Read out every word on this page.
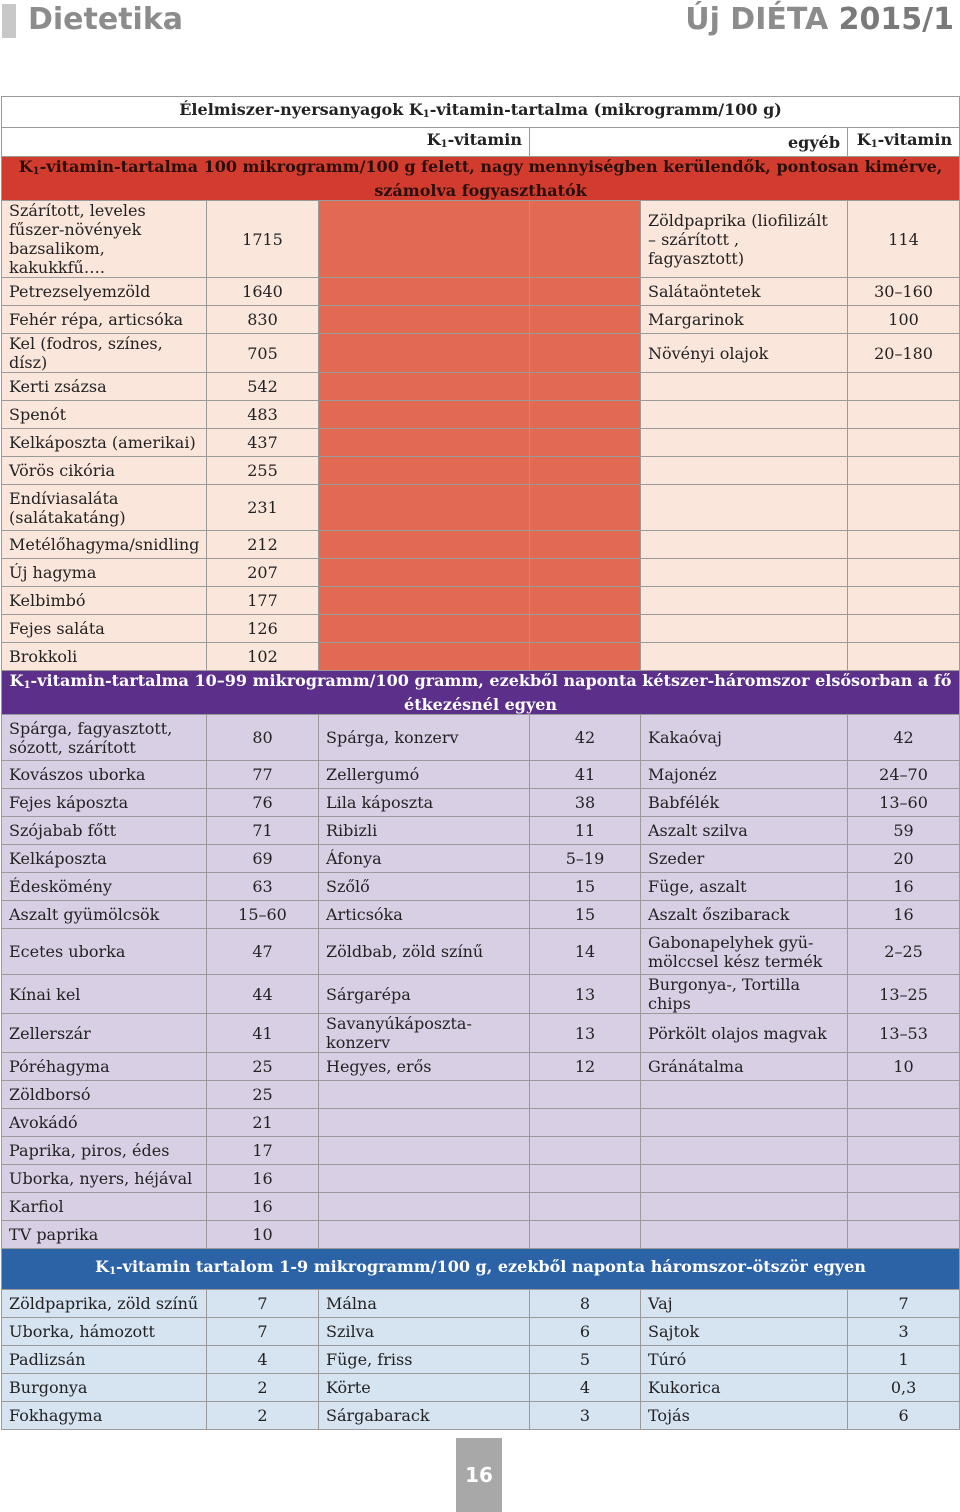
Dietetika	Új DIÉTA 2015/1
Élelmiszer-nyersanyagok $K_1-vitamin$-tartalma (mikrogramm/100 g)					
$K_1$-vitamin			egyéb		$K_1$-vitamin
$K_1-vitamin$-tartalma 100 mikrogramm/100 g felett, nagy mennyiségben kerülendők, pontosan kimérve, számolva fogyaszthatók					
Szárított, leveles fűszer-növények bazsalikom, kakukkfű….	1715			Zöldpaprika (liofilizált – szárított , fagyasztott)	114
Petrezselyemzöld	1640			Salátaöntetek	30–160
Fehér répa, articsóka	830			Margarinok	100
Kel (fodros, színes, dísz)	705			Növényi olajok	20–180
Kerti zsázsa	542				
Spenót	483				
Kelkáposzta (amerikai)	437				
Vörös cikória	255				
Endíviasaláta (salátakatáng)	231				
Metélőhagyma/snidling	212				
Új hagyma	207				
Kelbimbó	177				
Fejes saláta	126				
Brokkoli	102				
$K_1-vitamin$-tartalma 10–99 mikrogramm/100 gramm, ezekből naponta kétszer-háromszor elsősorban a fő étkezésnél egyen					
Spárga, fagyasztott, sózott, szárított	80	Spárga, konzerv	42	Kakaóvaj	42
Kovászos uborka	77	Zellergumó	41	Majonéz	24–70
Fejes káposzta	76	Lila káposzta	38	Babfélék	13–60
Szójabab főtt	71	Ribizli	11	Aszalt szilva	59
Kelkáposzta	69	Áfonya	5–19	Szeder	20
Édeskömény	63	Szőlő	15	Füge, aszalt	16
Aszalt gyümölcsök	15–60	Articsóka	15	Aszalt őszibarack	16
Ecetes uborka	47	Zöldbab, zöld színű	14	Gabonapelyhek gyü-mölccsel kész termék	2–25
Kínai kel	44	Sárgarépa	13	Burgonya-, Tortilla chips	13–25
Zellerszár	41	Savanyúkáposzta-konzerv	13	Pörkölt olajos magvak	13–53
Póréhagyma	25	Hegyes, erős	12	Gránátalma	10
Zöldborsó	25				
Avokádó	21				
Paprika, piros, édes	17				
Uborka, nyers, héjával	16				
Karfiol	16				
TV paprika	10				
$K_1$-vitamin tartalom 1-9 mikrogramm/100 g, ezekből naponta háromszor-ötször egyen					
Zöldpaprika, zöld színű	7	Málna	8	Vaj	7
Uborka, hámozott	7	Szilva	6	Sajtok	3
Padlizsán	4	Füge, friss	5	Túró	1
Burgonya	2	Körte	4	Kukorica	0,3
Fokhagyma	2	Sárgabarack	3	Tojás	6
16
